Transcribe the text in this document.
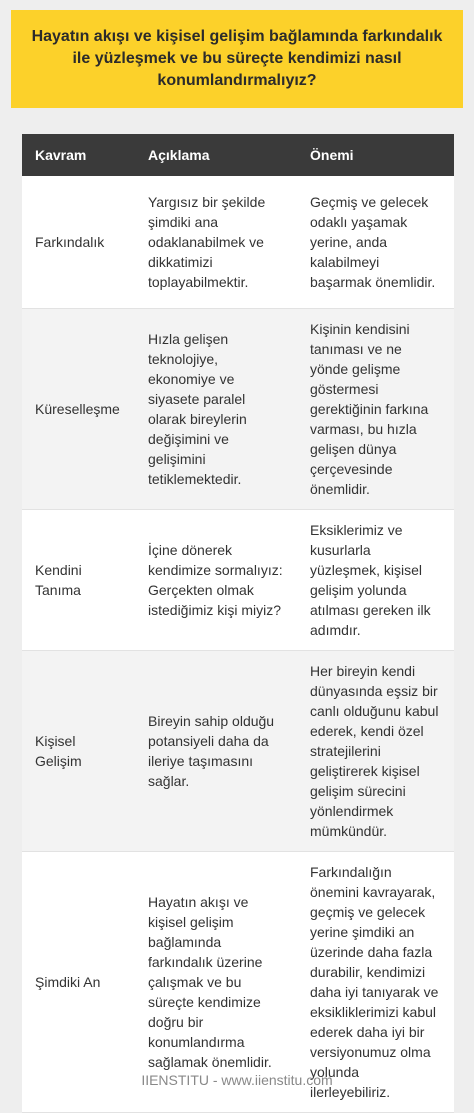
Hayatın akışı ve kişisel gelişim bağlamında farkındalık ile yüzleşmek ve bu süreçte kendimizi nasıl konumlandırmalıyız?
Kavram	Açıklama	Önemi
Farkındalık	Yargısız bir şekilde şimdiki ana odaklanabilmek ve dikkatimizi toplayabilmektir.	Geçmiş ve gelecek odaklı yaşamak yerine, anda kalabilmeyi başarmak önemlidir.
Küreselleşme	Hızla gelişen teknolojiye, ekonomiye ve siyasete paralel olarak bireylerin değişimini ve gelişimini tetiklemektedir.	Kişinin kendisini tanıması ve ne yönde gelişme göstermesi gerektiğinin farkına varması, bu hızla gelişen dünya çerçevesinde önemlidir.
Kendini Tanıma	İçine dönerek kendimize sormalıyız: Gerçekten olmak istediğimiz kişi miyiz?	Eksiklerimiz ve kusurlarla yüzleşmek, kişisel gelişim yolunda atılması gereken ilk adımdır.
Kişisel Gelişim	Bireyin sahip olduğu potansiyeli daha da ileriye taşımasını sağlar.	Her bireyin kendi dünyasında eşsiz bir canlı olduğunu kabul ederek, kendi özel stratejilerini geliştirerek kişisel gelişim sürecini yönlendirmek mümkündür.
Şimdiki An	Hayatın akışı ve kişisel gelişim bağlamında farkındalık üzerine çalışmak ve bu süreçte kendimize doğru bir konumlandırma sağlamak önemlidir.	Farkındalığın önemini kavrayarak, geçmiş ve gelecek yerine şimdiki an üzerinde daha fazla durabilir, kendimizi daha iyi tanıyarak ve eksikliklerimizi kabul ederek daha iyi bir versiyonumuz olma yolunda ilerleyebiliriz.
IIENSTITU - www.iienstitu.com
